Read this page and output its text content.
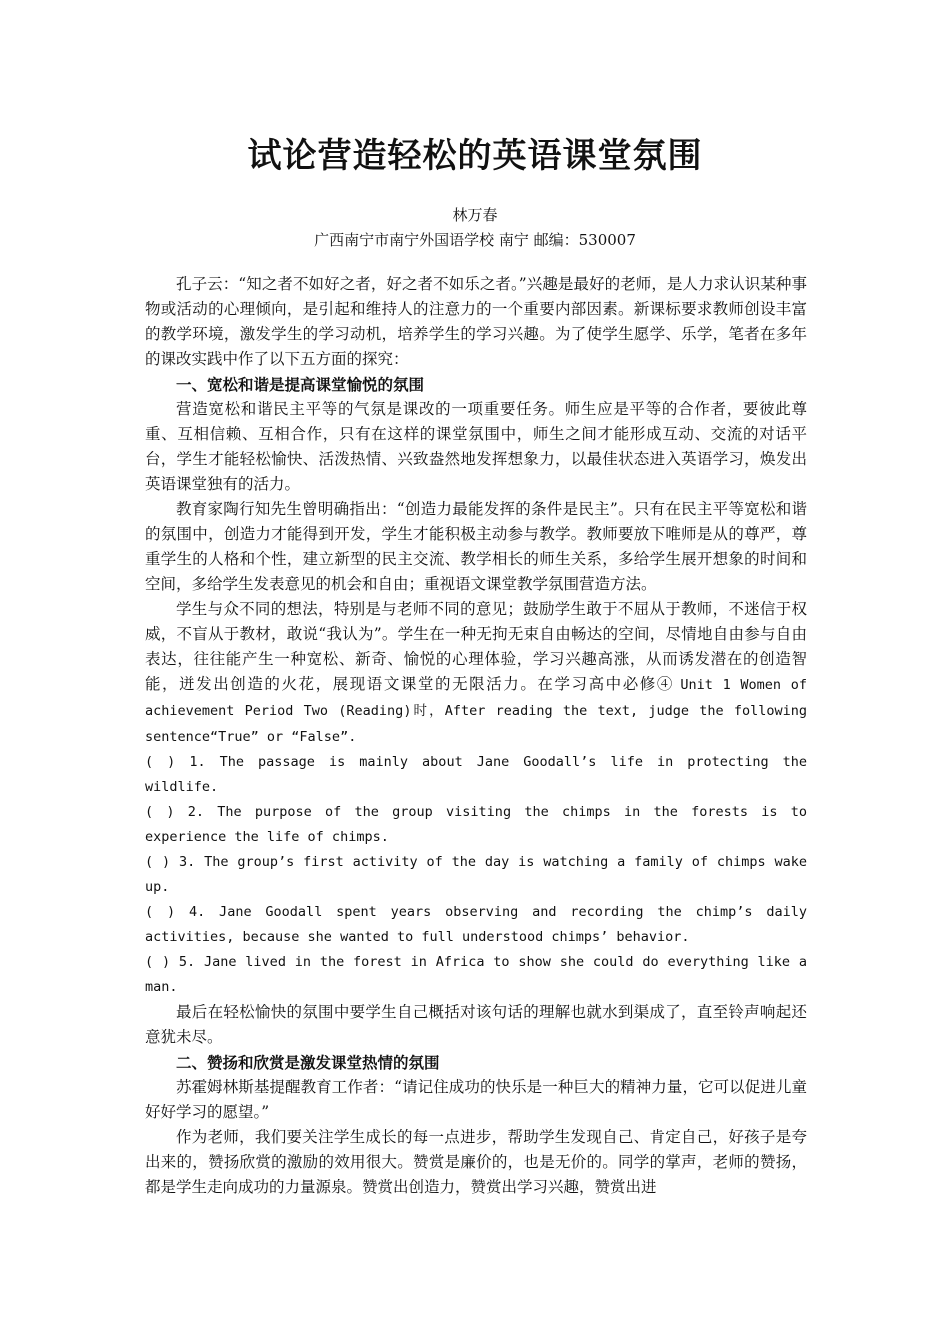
试论营造轻松的英语课堂氛围
林万春
广西南宁市南宁外国语学校 南宁 邮编：530007

孔子云：“知之者不如好之者，好之者不如乐之者。”兴趣是最好的老师，是人力求认识某种事物或活动的心理倾向，是引起和维持人的注意力的一个重要内部因素。新课标要求教师创设丰富的教学环境，激发学生的学习动机，培养学生的学习兴趣。为了使学生愿学、乐学，笔者在多年的课改实践中作了以下五方面的探究：

一、宽松和谐是提高课堂愉悦的氛围

营造宽松和谐民主平等的气氛是课改的一项重要任务。师生应是平等的合作者，要彼此尊重、互相信赖、互相合作，只有在这样的课堂氛围中，师生之间才能形成互动、交流的对话平台，学生才能轻松愉快、活泼热情、兴致盎然地发挥想象力，以最佳状态进入英语学习，焕发出英语课堂独有的活力。

教育家陶行知先生曾明确指出：“创造力最能发挥的条件是民主”。只有在民主平等宽松和谐的氛围中，创造力才能得到开发，学生才能积极主动参与教学。教师要放下唯师是从的尊严，尊重学生的人格和个性，建立新型的民主交流、教学相长的师生关系，多给学生展开想象的时间和空间，多给学生发表意见的机会和自由；重视语文课堂教学氛围营造方法。

学生与众不同的想法，特别是与老师不同的意见；鼓励学生敢于不屈从于教师，不迷信于权威，不盲从于教材，敢说“我认为”。学生在一种无拘无束自由畅达的空间，尽情地自由参与自由表达，往往能产生一种宽松、新奇、愉悦的心理体验，学习兴趣高涨，从而诱发潜在的创造智能，迸发出创造的火花，展现语文课堂的无限活力。在学习高中必修④ Unit 1 Women of achievement Period Two (Reading)时，After reading the text, judge the following sentence“True” or “False”.

( ) 1. The passage is mainly about Jane Goodall’s life in protecting the wildlife.

( ) 2. The purpose of the group visiting the chimps in the forests is to experience the life of chimps.

( ) 3. The group’s first activity of the day is watching a family of chimps wake up.

( ) 4. Jane Goodall spent years observing and recording the chimp’s daily activities, because she wanted to full understood chimps’ behavior.

( ) 5. Jane lived in the forest in Africa to show she could do everything like a man.

最后在轻松愉快的氛围中要学生自己概括对该句话的理解也就水到渠成了，直至铃声响起还意犹未尽。

二、赞扬和欣赏是激发课堂热情的氛围

苏霍姆林斯基提醒教育工作者：“请记住成功的快乐是一种巨大的精神力量，它可以促进儿童好好学习的愿望。”

作为老师，我们要关注学生成长的每一点进步，帮助学生发现自己、肯定自己，好孩子是夸出来的，赞扬欣赏的激励的效用很大。赞赏是廉价的，也是无价的。同学的掌声，老师的赞扬，都是学生走向成功的力量源泉。赞赏出创造力，赞赏出学习兴趣，赞赏出进
